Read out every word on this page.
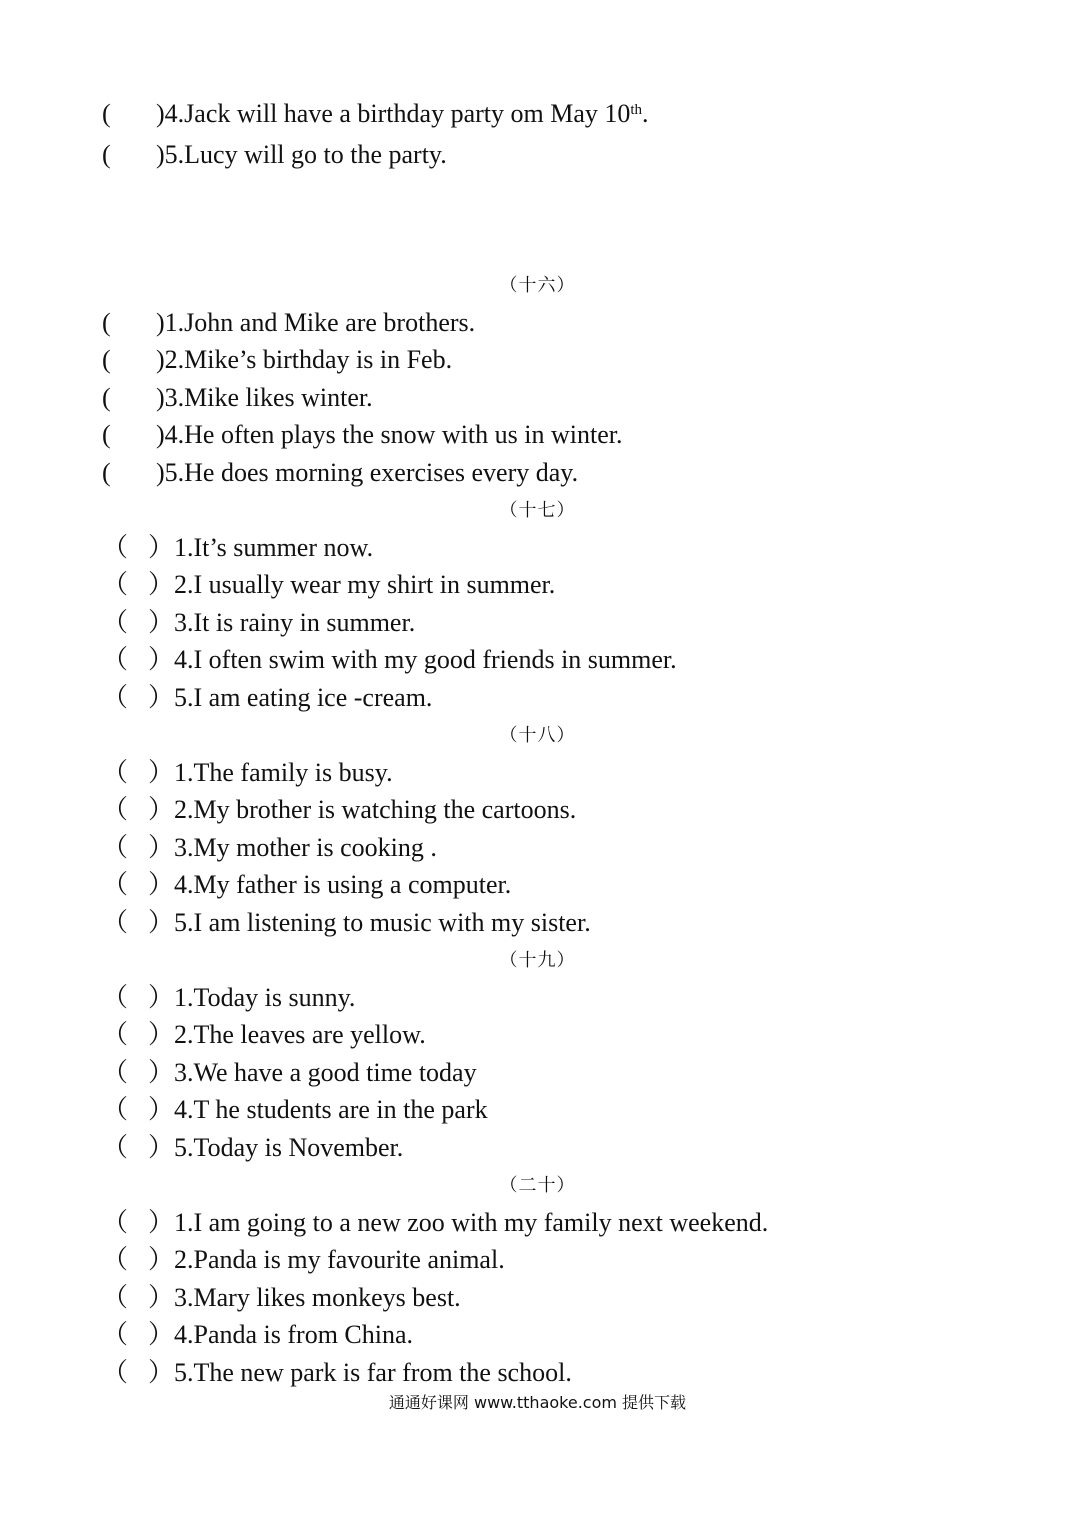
( )4.Jack will have a birthday party om May 10th.
( )5.Lucy will go to the party.
（十六）
( )1.John and Mike are brothers.
( )2.Mike’s birthday is in Feb.
( )3.Mike likes winter.
( )4.He often plays the snow with us in winter.
( )5.He does morning exercises every day.
（十七）
（ ）1.It’s summer now.
（ ）2.I usually wear my shirt in summer.
（ ）3.It is rainy in summer.
（ ）4.I often swim with my good friends in summer.
（ ）5.I am eating ice -cream.
（十八）
（ ）1.The family is busy.
（ ）2.My brother is watching the cartoons.
（ ）3.My mother is cooking .
（ ）4.My father is using a computer.
（ ）5.I am listening to music with my sister.
（十九）
（ ）1.Today is sunny.
（ ）2.The leaves are yellow.
（ ）3.We have a good time today
（ ）4.T he students are in the park
（ ）5.Today is November.
（二十）
（ ）1.I am going to a new zoo with my family next weekend.
（ ）2.Panda is my favourite animal.
（ ）3.Mary likes monkeys best.
（ ）4.Panda is from China.
（ ）5.The new park is far from the school.
通通好课网 www.tthaoke.com 提供下载
